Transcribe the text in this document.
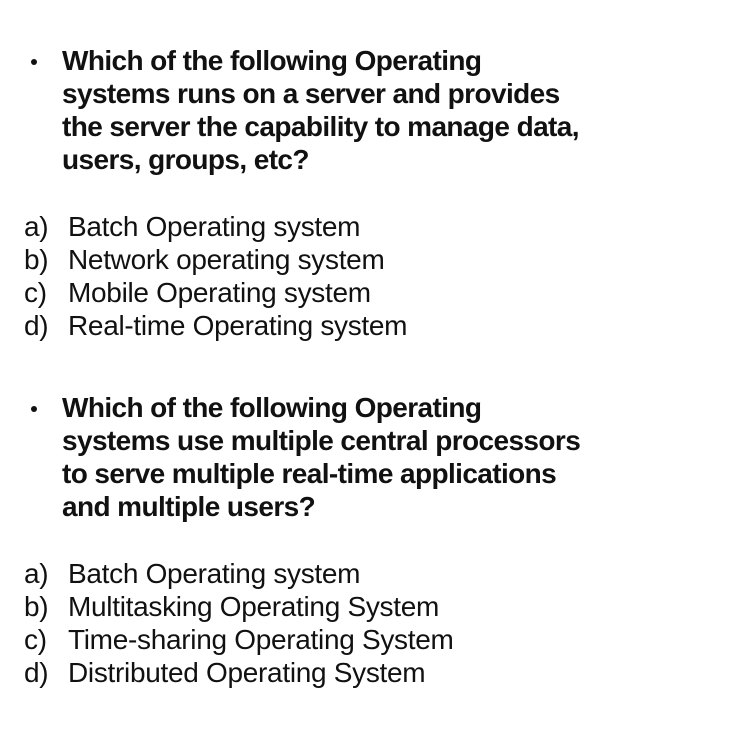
Which of the following Operating
systems runs on a server and provides
the server the capability to manage data,
users, groups, etc?
a) Batch Operating system
b) Network operating system
c) Mobile Operating system
d) Real-time Operating system
Which of the following Operating
systems use multiple central processors
to serve multiple real-time applications
and multiple users?
a) Batch Operating system
b) Multitasking Operating System
c) Time-sharing Operating System
d) Distributed Operating System
